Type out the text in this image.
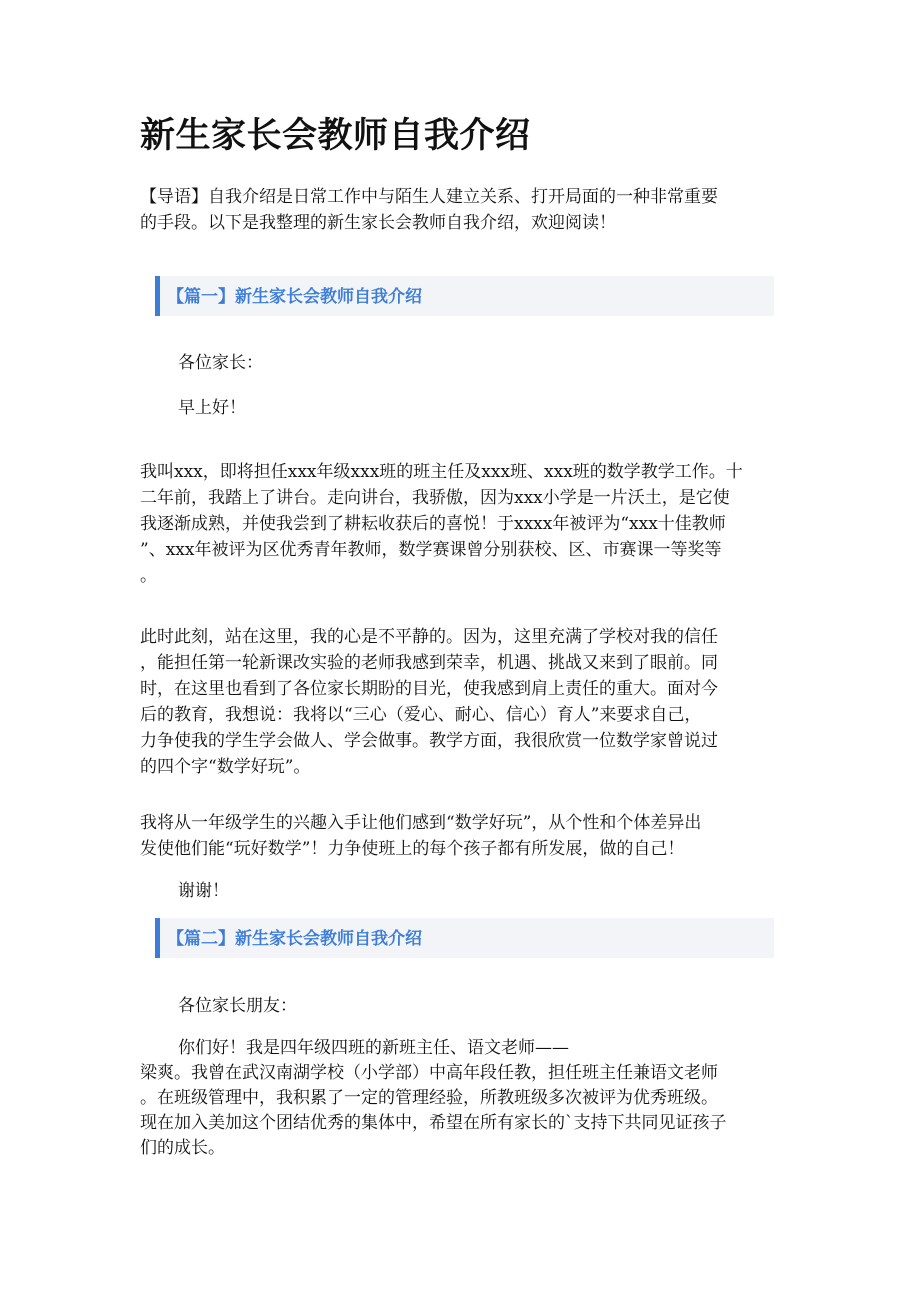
新生家长会教师自我介绍

【导语】自我介绍是日常工作中与陌生人建立关系、打开局面的一种非常重要

的手段。以下是我整理的新生家长会教师自我介绍，欢迎阅读！

【篇一】新生家长会教师自我介绍

各位家长：

早上好！

我叫xxx，即将担任xxx年级xxx班的班主任及xxx班、xxx班的数学教学工作。十

二年前，我踏上了讲台。走向讲台，我骄傲，因为xxx小学是一片沃土，是它使

我逐渐成熟，并使我尝到了耕耘收获后的喜悦！于xxxx年被评为“xxx十佳教师

”、xxx年被评为区优秀青年教师，数学赛课曾分别获校、区、市赛课一等奖等

。

此时此刻，站在这里，我的心是不平静的。因为，这里充满了学校对我的信任

，能担任第一轮新课改实验的老师我感到荣幸，机遇、挑战又来到了眼前。同

时，在这里也看到了各位家长期盼的目光，使我感到肩上责任的重大。面对今

后的教育，我想说：我将以“三心（爱心、耐心、信心）育人”来要求自己，

力争使我的学生学会做人、学会做事。教学方面，我很欣赏一位数学家曾说过

的四个字“数学好玩”。

我将从一年级学生的兴趣入手让他们感到“数学好玩”，从个性和个体差异出

发使他们能“玩好数学”！力争使班上的每个孩子都有所发展，做的自己！

谢谢！

【篇二】新生家长会教师自我介绍

各位家长朋友：

你们好！我是四年级四班的新班主任、语文老师——

梁爽。我曾在武汉南湖学校（小学部）中高年段任教，担任班主任兼语文老师

。在班级管理中，我积累了一定的管理经验，所教班级多次被评为优秀班级。

现在加入美加这个团结优秀的集体中，希望在所有家长的`支持下共同见证孩子

们的成长。
